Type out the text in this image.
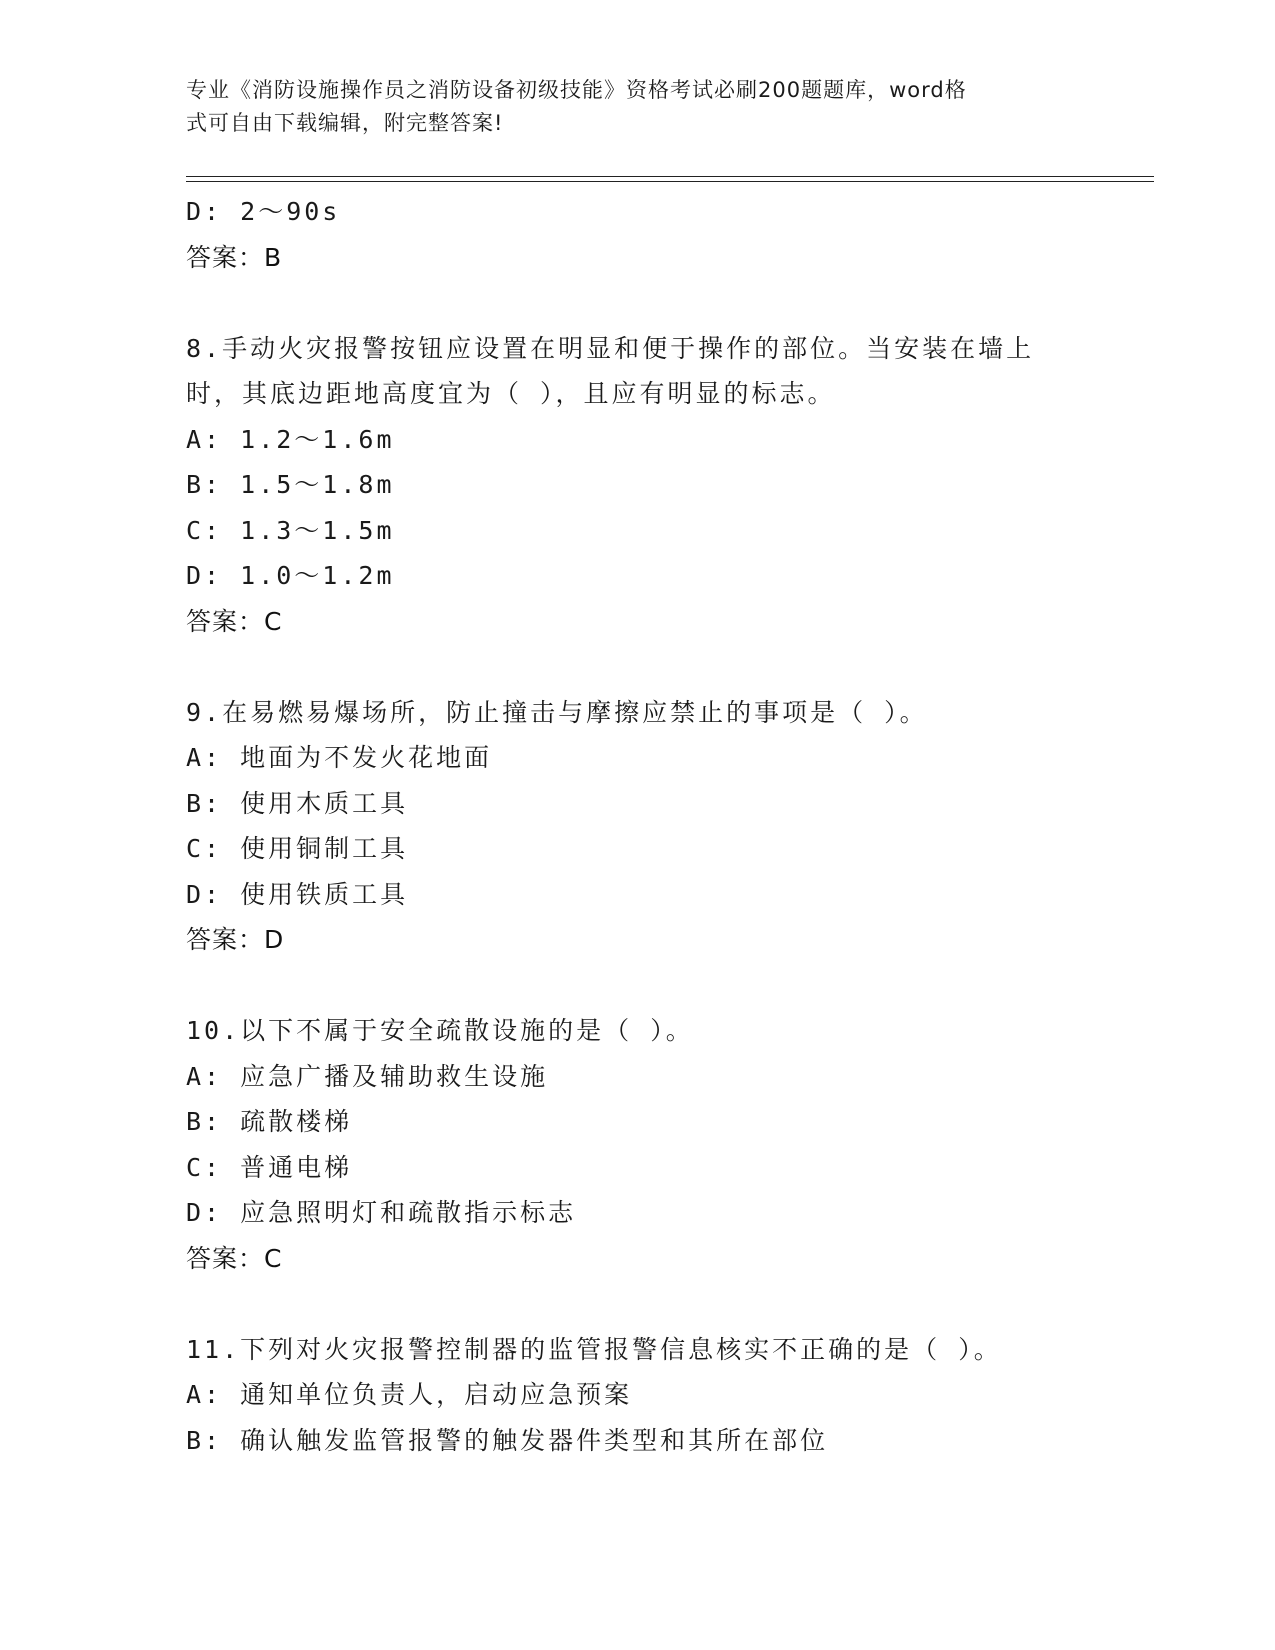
专业《消防设施操作员之消防设备初级技能》资格考试必刷200题题库，word格
式可自由下载编辑，附完整答案!
D: 2～90s
答案：B
8.手动火灾报警按钮应设置在明显和便于操作的部位。当安装在墙上
时，其底边距地高度宜为（ ），且应有明显的标志。
A: 1.2～1.6m
B: 1.5～1.8m
C: 1.3～1.5m
D: 1.0～1.2m
答案：C
9.在易燃易爆场所，防止撞击与摩擦应禁止的事项是（ ）。
A: 地面为不发火花地面
B: 使用木质工具
C: 使用铜制工具
D: 使用铁质工具
答案：D
10.以下不属于安全疏散设施的是（ ）。
A: 应急广播及辅助救生设施
B: 疏散楼梯
C: 普通电梯
D: 应急照明灯和疏散指示标志
答案：C
11.下列对火灾报警控制器的监管报警信息核实不正确的是（ ）。
A: 通知单位负责人，启动应急预案
B: 确认触发监管报警的触发器件类型和其所在部位
